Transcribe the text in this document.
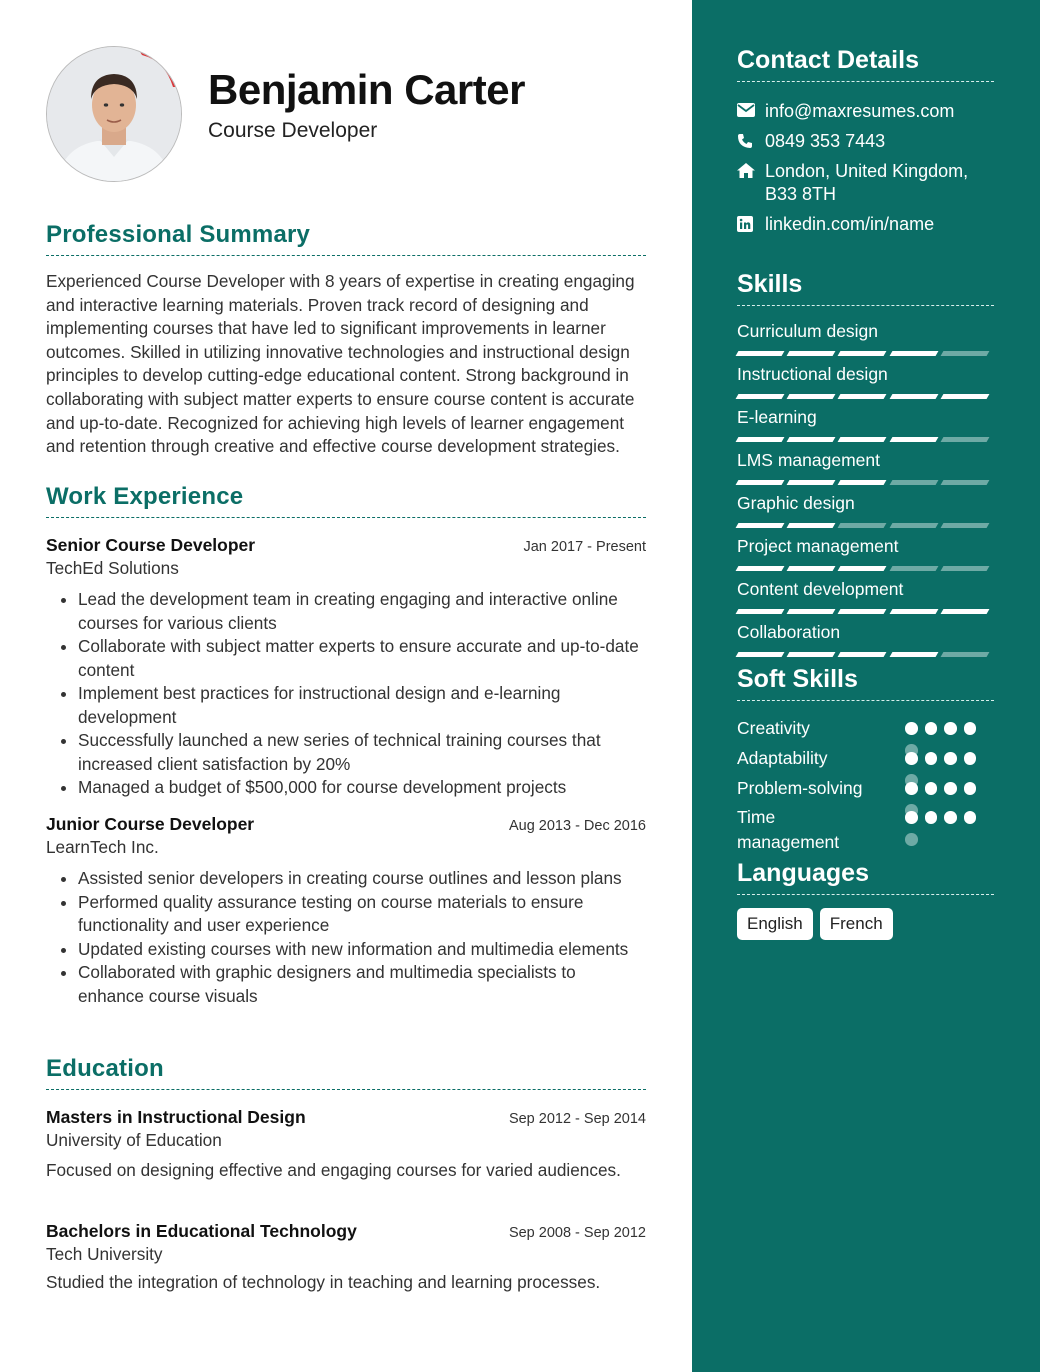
Benjamin Carter
Course Developer
Professional Summary
Experienced Course Developer with 8 years of expertise in creating engaging and interactive learning materials. Proven track record of designing and implementing courses that have led to significant improvements in learner outcomes. Skilled in utilizing innovative technologies and instructional design principles to develop cutting-edge educational content. Strong background in collaborating with subject matter experts to ensure course content is accurate and up-to-date. Recognized for achieving high levels of learner engagement and retention through creative and effective course development strategies.
Work Experience
Senior Course Developer	Jan 2017 - Present
TechEd Solutions
• Lead the development team in creating engaging and interactive online courses for various clients
• Collaborate with subject matter experts to ensure accurate and up-to-date content
• Implement best practices for instructional design and e-learning development
• Successfully launched a new series of technical training courses that increased client satisfaction by 20%
• Managed a budget of $500,000 for course development projects
Junior Course Developer	Aug 2013 - Dec 2016
LearnTech Inc.
• Assisted senior developers in creating course outlines and lesson plans
• Performed quality assurance testing on course materials to ensure functionality and user experience
• Updated existing courses with new information and multimedia elements
• Collaborated with graphic designers and multimedia specialists to enhance course visuals
Education
Masters in Instructional Design	Sep 2012 - Sep 2014
University of Education
Focused on designing effective and engaging courses for varied audiences.
Bachelors in Educational Technology	Sep 2008 - Sep 2012
Tech University
Studied the integration of technology in teaching and learning processes.
Contact Details
info@maxresumes.com
0849 353 7443
London, United Kingdom, B33 8TH
linkedin.com/in/name
Skills
Curriculum design
Instructional design
E-learning
LMS management
Graphic design
Project management
Content development
Collaboration
Soft Skills
Creativity
Adaptability
Problem-solving
Time management
Languages
English	French
